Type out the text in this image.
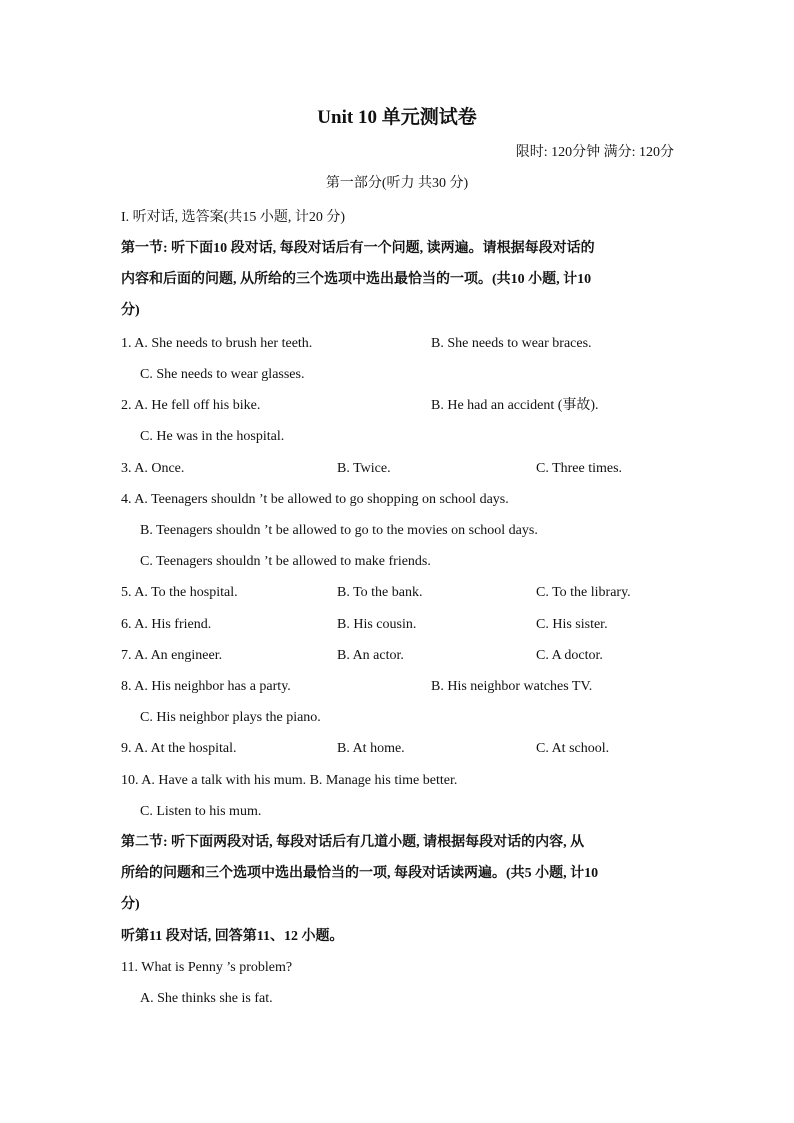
Unit 10 单元测试卷
限时: 120分钟 满分: 120分
第一部分(听力 共30 分)
I. 听对话, 选答案(共15 小题, 计20 分)
第一节: 听下面10 段对话, 每段对话后有一个问题, 读两遍。请根据每段对话的
内容和后面的问题, 从所给的三个选项中选出最恰当的一项。(共10 小题, 计10
分)
1. A. She needs to brush her teeth.	B. She needs to wear braces.
C. She needs to wear glasses.
2. A. He fell off his bike.	B. He had an accident (事故).
C. He was in the hospital.
3. A. Once.	B. Twice.	C. Three times.
4. A. Teenagers shouldn ’t be allowed to go shopping on school days.
B. Teenagers shouldn ’t be allowed to go to the movies on school days.
C. Teenagers shouldn ’t be allowed to make friends.
5. A. To the hospital.	B. To the bank.	C. To the library.
6. A. His friend.	B. His cousin.	C. His sister.
7. A. An engineer.	B. An actor.	C. A doctor.
8. A. His neighbor has a party.	B. His neighbor watches TV.
C. His neighbor plays the piano.
9. A. At the hospital.	B. At home.	C. At school.
10. A. Have a talk with his mum. B. Manage his time better.
C. Listen to his mum.
第二节: 听下面两段对话, 每段对话后有几道小题, 请根据每段对话的内容, 从
所给的问题和三个选项中选出最恰当的一项, 每段对话读两遍。(共5 小题, 计10
分)
听第11 段对话, 回答第11、12 小题。
11. What is Penny ’s problem?
A. She thinks she is fat.
